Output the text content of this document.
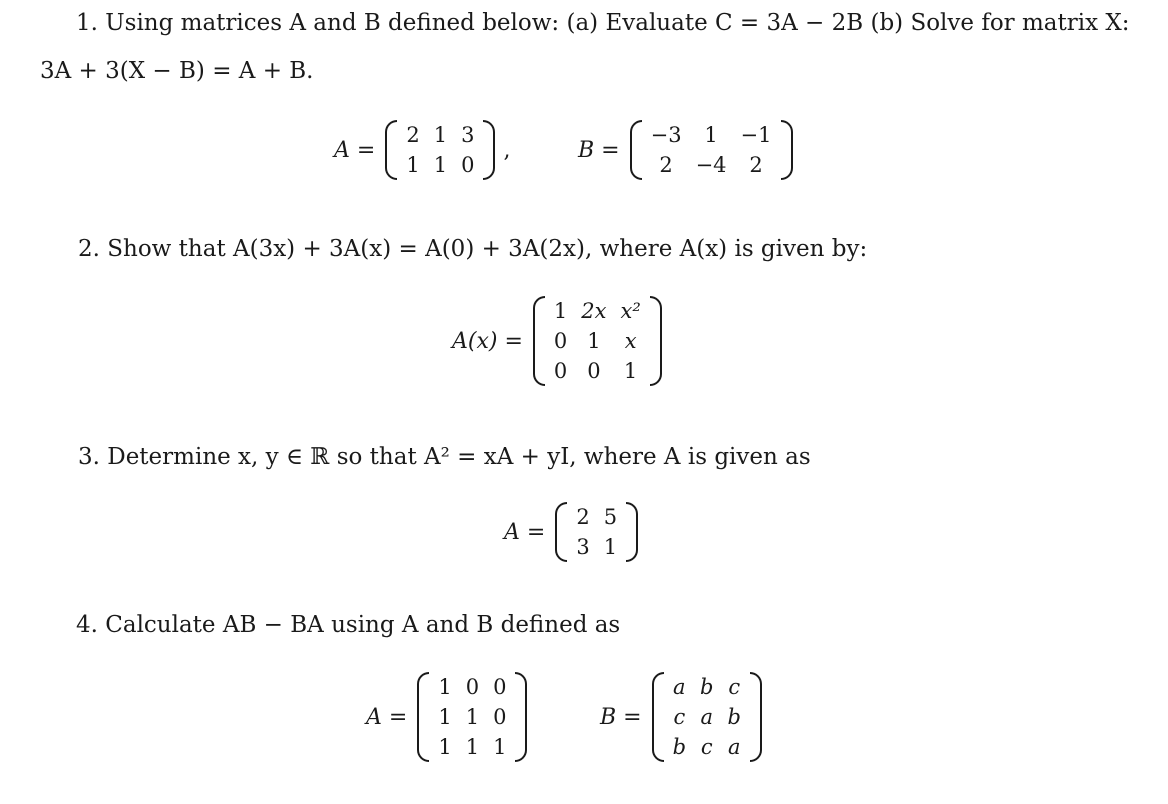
1. Using matrices A and B defined below: (a) Evaluate C = 3A − 2B (b) Solve for matrix X:
3A + 3(X − B) = A + B.
A =
2	1	3
1	1	0
,	B =
−3	1	−1
2	−4	2
2. Show that A(3x) + 3A(x) = A(0) + 3A(2x), where A(x) is given by:
A(x) =
1	2x	x²
0	1	x
0	0	1
3. Determine x, y ∈ ℝ so that A² = xA + yI, where A is given as
A =
2	5
3	1
4. Calculate AB − BA using A and B defined as
A =
1	0	0
1	1	0
1	1	1
B =
a	b	c
c	a	b
b	c	a
